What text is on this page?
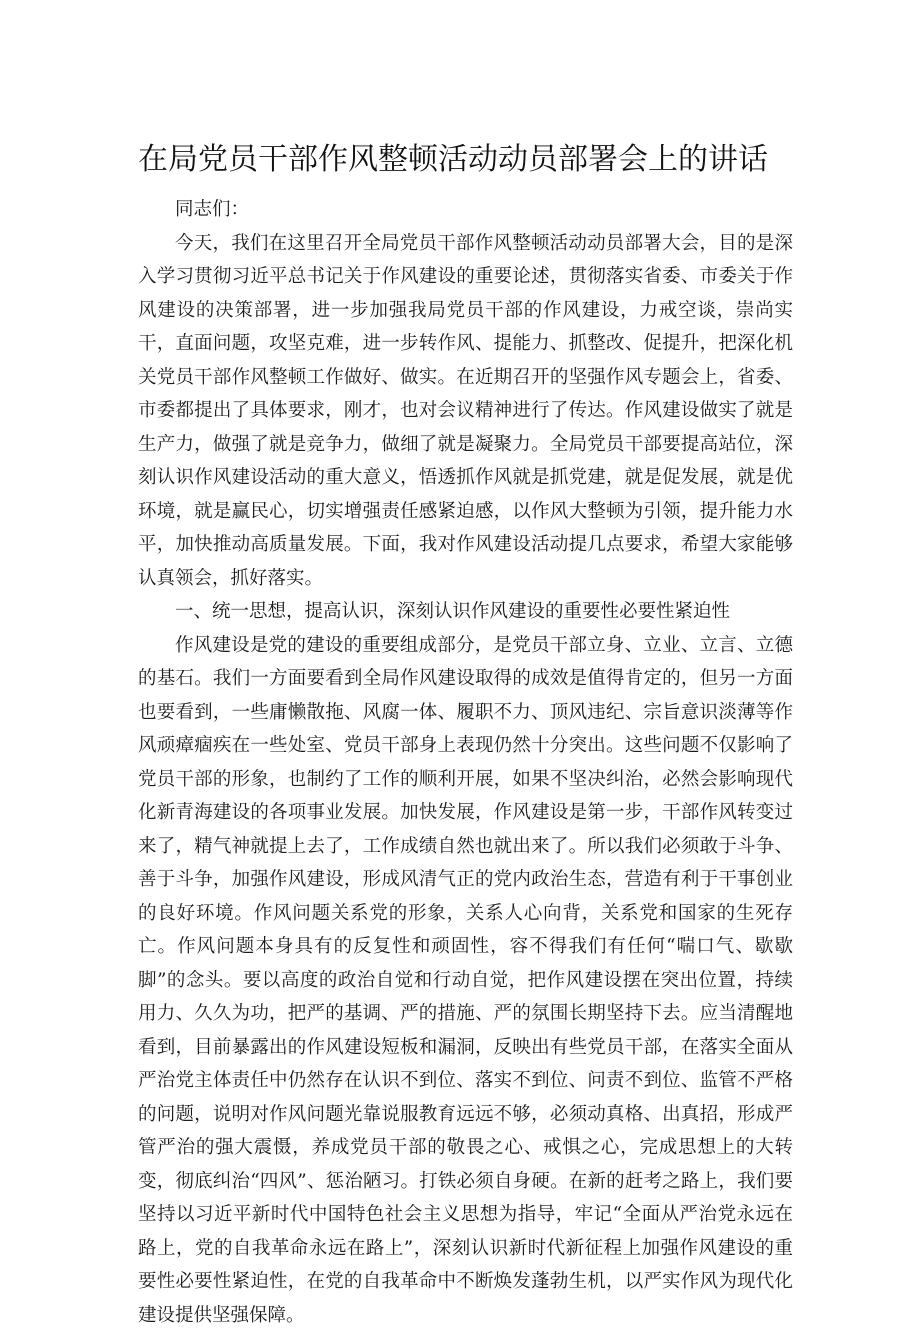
在局党员干部作风整顿活动动员部署会上的讲话

同志们：

今天，我们在这里召开全局党员干部作风整顿活动动员部署大会，目的是深入学习贯彻习近平总书记关于作风建设的重要论述，贯彻落实省委、市委关于作风建设的决策部署，进一步加强我局党员干部的作风建设，力戒空谈，崇尚实干，直面问题，攻坚克难，进一步转作风、提能力、抓整改、促提升，把深化机关党员干部作风整顿工作做好、做实。在近期召开的坚强作风专题会上，省委、市委都提出了具体要求，刚才，也对会议精神进行了传达。作风建设做实了就是生产力，做强了就是竞争力，做细了就是凝聚力。全局党员干部要提高站位，深刻认识作风建设活动的重大意义，悟透抓作风就是抓党建，就是促发展，就是优环境，就是赢民心，切实增强责任感紧迫感，以作风大整顿为引领，提升能力水平，加快推动高质量发展。下面，我对作风建设活动提几点要求，希望大家能够认真领会，抓好落实。

一、统一思想，提高认识，深刻认识作风建设的重要性必要性紧迫性

作风建设是党的建设的重要组成部分，是党员干部立身、立业、立言、立德的基石。我们一方面要看到全局作风建设取得的成效是值得肯定的，但另一方面也要看到，一些庸懒散拖、风腐一体、履职不力、顶风违纪、宗旨意识淡薄等作风顽瘴痼疾在一些处室、党员干部身上表现仍然十分突出。这些问题不仅影响了党员干部的形象，也制约了工作的顺利开展，如果不坚决纠治，必然会影响现代化新青海建设的各项事业发展。加快发展，作风建设是第一步，干部作风转变过来了，精气神就提上去了，工作成绩自然也就出来了。所以我们必须敢于斗争、善于斗争，加强作风建设，形成风清气正的党内政治生态，营造有利于干事创业的良好环境。作风问题关系党的形象，关系人心向背，关系党和国家的生死存亡。作风问题本身具有的反复性和顽固性，容不得我们有任何“喘口气、歇歇脚”的念头。要以高度的政治自觉和行动自觉，把作风建设摆在突出位置，持续用力、久久为功，把严的基调、严的措施、严的氛围长期坚持下去。应当清醒地看到，目前暴露出的作风建设短板和漏洞，反映出有些党员干部，在落实全面从严治党主体责任中仍然存在认识不到位、落实不到位、问责不到位、监管不严格的问题，说明对作风问题光靠说服教育远远不够，必须动真格、出真招，形成严管严治的强大震慑，养成党员干部的敬畏之心、戒惧之心，完成思想上的大转变，彻底纠治“四风”、惩治陋习。打铁必须自身硬。在新的赶考之路上，我们要坚持以习近平新时代中国特色社会主义思想为指导，牢记“全面从严治党永远在路上，党的自我革命永远在路上”，深刻认识新时代新征程上加强作风建设的重要性必要性紧迫性，在党的自我革命中不断焕发蓬勃生机，以严实作风为现代化建设提供坚强保障。
